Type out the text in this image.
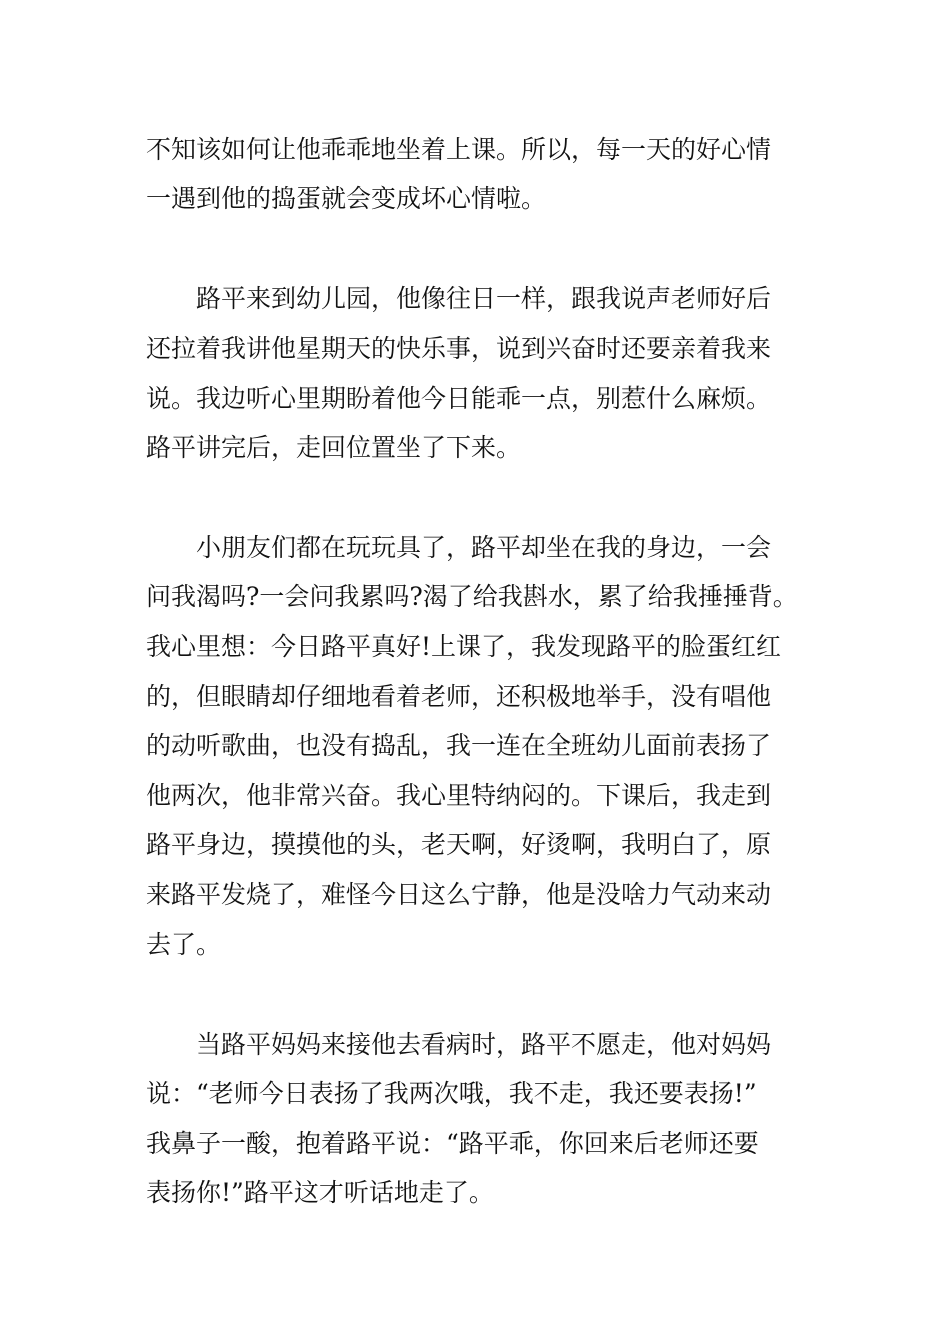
不知该如何让他乖乖地坐着上课。所以，每一天的好心情

一遇到他的捣蛋就会变成坏心情啦。

路平来到幼儿园，他像往日一样，跟我说声老师好后

还拉着我讲他星期天的快乐事，说到兴奋时还要亲着我来

说。我边听心里期盼着他今日能乖一点，别惹什么麻烦。

路平讲完后，走回位置坐了下来。

小朋友们都在玩玩具了，路平却坐在我的身边，一会

问我渴吗?一会问我累吗?渴了给我斟水，累了给我捶捶背。

我心里想：今日路平真好!上课了，我发现路平的脸蛋红红

的，但眼睛却仔细地看着老师，还积极地举手，没有唱他

的动听歌曲，也没有捣乱，我一连在全班幼儿面前表扬了

他两次，他非常兴奋。我心里特纳闷的。下课后，我走到

路平身边，摸摸他的头，老天啊，好烫啊，我明白了，原

来路平发烧了，难怪今日这么宁静，他是没啥力气动来动

去了。

当路平妈妈来接他去看病时，路平不愿走，他对妈妈

说：“老师今日表扬了我两次哦，我不走，我还要表扬!”

我鼻子一酸，抱着路平说：“路平乖，你回来后老师还要

表扬你!”路平这才听话地走了。
